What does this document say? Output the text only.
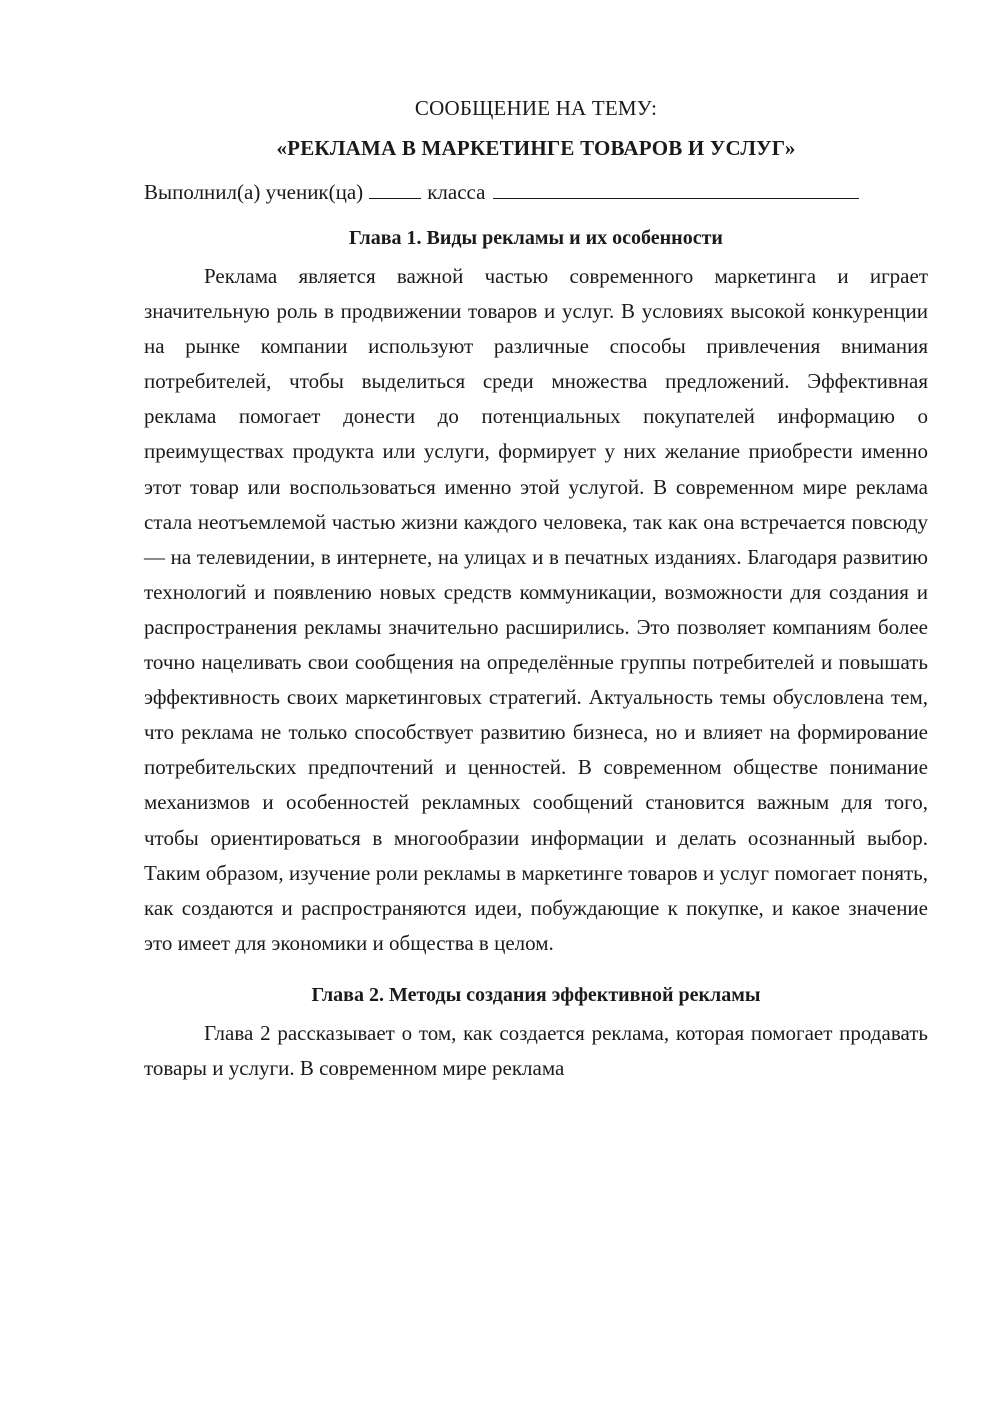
СООБЩЕНИЕ НА ТЕМУ:

«РЕКЛАМА В МАРКЕТИНГЕ ТОВАРОВ И УСЛУГ»

Выполнил(а) ученик(ца)	класса

Глава 1. Виды рекламы и их особенности

Реклама является важной частью современного маркетинга и играет значительную роль в продвижении товаров и услуг. В условиях высокой конкуренции на рынке компании используют различные способы привлечения внимания потребителей, чтобы выделиться среди множества предложений. Эффективная реклама помогает донести до потенциальных покупателей информацию о преимуществах продукта или услуги, формирует у них желание приобрести именно этот товар или воспользоваться именно этой услугой. В современном мире реклама стала неотъемлемой частью жизни каждого человека, так как она встречается повсюду — на телевидении, в интернете, на улицах и в печатных изданиях. Благодаря развитию технологий и появлению новых средств коммуникации, возможности для создания и распространения рекламы значительно расширились. Это позволяет компаниям более точно нацеливать свои сообщения на определённые группы потребителей и повышать эффективность своих маркетинговых стратегий. Актуальность темы обусловлена тем, что реклама не только способствует развитию бизнеса, но и влияет на формирование потребительских предпочтений и ценностей. В современном обществе понимание механизмов и особенностей рекламных сообщений становится важным для того, чтобы ориентироваться в многообразии информации и делать осознанный выбор. Таким образом, изучение роли рекламы в маркетинге товаров и услуг помогает понять, как создаются и распространяются идеи, побуждающие к покупке, и какое значение это имеет для экономики и общества в целом.

Глава 2. Методы создания эффективной рекламы

Глава 2 рассказывает о том, как создается реклама, которая помогает продавать товары и услуги. В современном мире реклама
